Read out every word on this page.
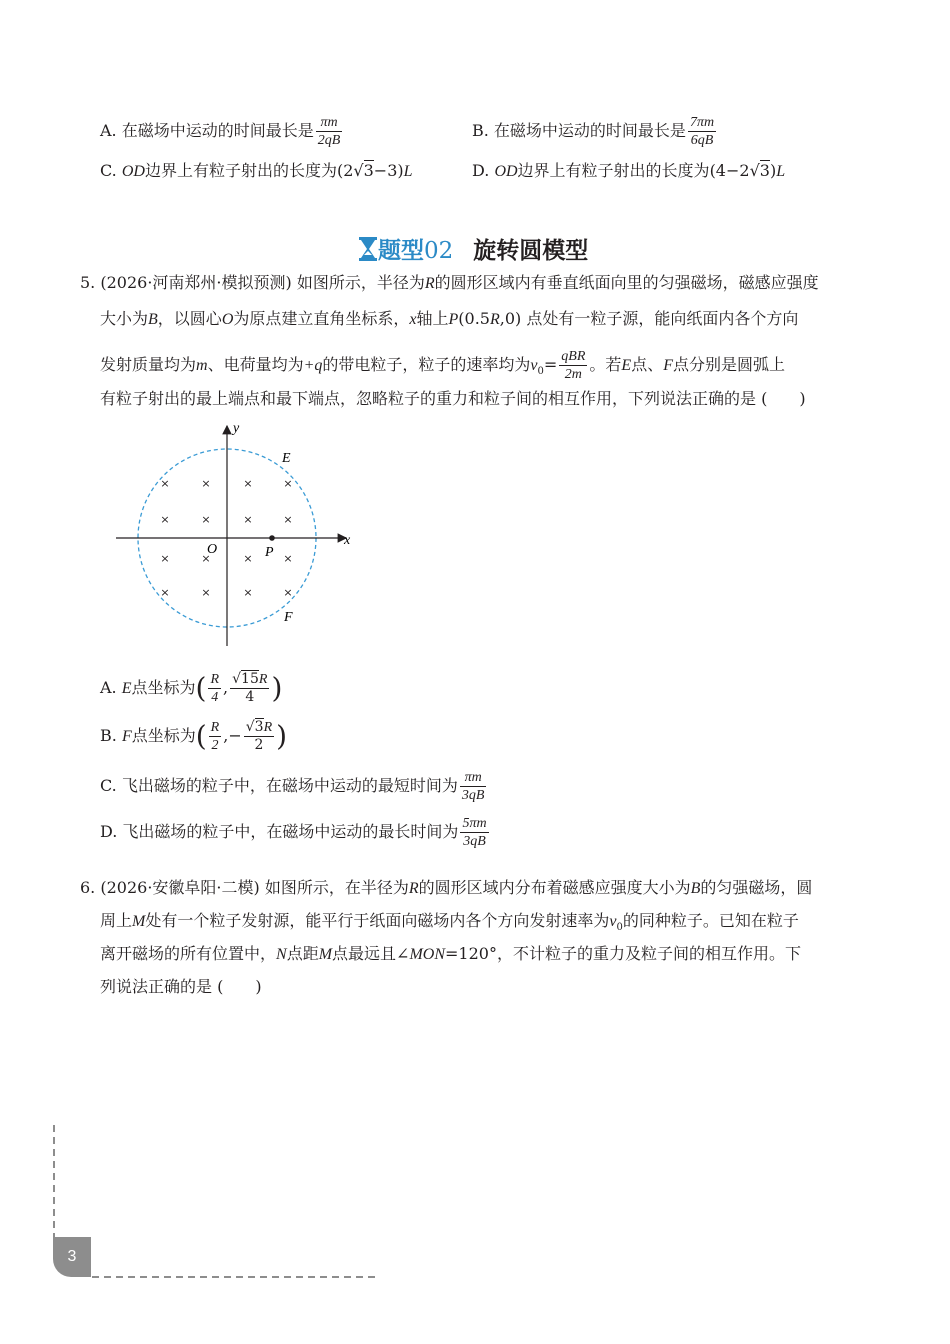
A. 在磁场中运动的时间最长是 $\frac{\pi m}{2qB}$	B. 在磁场中运动的时间最长是 $\frac{7\pi m}{6qB}$
C. OD边界上有粒子射出的长度为(2√3−3)L	D. OD边界上有粒子射出的长度为(4−2√3)L
题型02 旋转圆模型
5. (2026·河南郑州·模拟预测) 如图所示，半径为R的圆形区域内有垂直纸面向里的匀强磁场，磁感应强度
大小为B，以圆心O为原点建立直角坐标系，x轴上P(0.5R,0) 点处有一粒子源，能向纸面内各个方向
发射质量均为m、电荷量均为+q的带电粒子，粒子的速率均为$v_0= \frac{\text{qBR}}{2m}$ 。若E点、F点分别是圆弧上
有粒子射出的最上端点和最下端点，忽略粒子的重力和粒子间的相互作用，下列说法正确的是 (　　)
×	×	×	×
×	×	×	×
×	×	×	×
×	×	×	×
y
x
O	P
E
F
A. E点坐标为( $\frac{R}{4}$ , $\frac{√15R}{4}$ )
B. F点坐标为( $\frac{R}{2}$ ,− $\frac{√3R}{2}$ )
C. 飞出磁场的粒子中，在磁场中运动的最短时间为 $\frac{\pi m}{3qB}$
D. 飞出磁场的粒子中，在磁场中运动的最长时间为 $\frac{5\pi m}{3qB}$
6. (2026·安徽阜阳·二模) 如图所示，在半径为R的圆形区域内分布着磁感应强度大小为B的匀强磁场，圆
周上M处有一个粒子发射源，能平行于纸面向磁场内各个方向发射速率为$v_0$的同种粒子。已知在粒子
离开磁场的所有位置中，N点距M点最远且∠MON=120°，不计粒子的重力及粒子间的相互作用。下
列说法正确的是 (　　)
3
